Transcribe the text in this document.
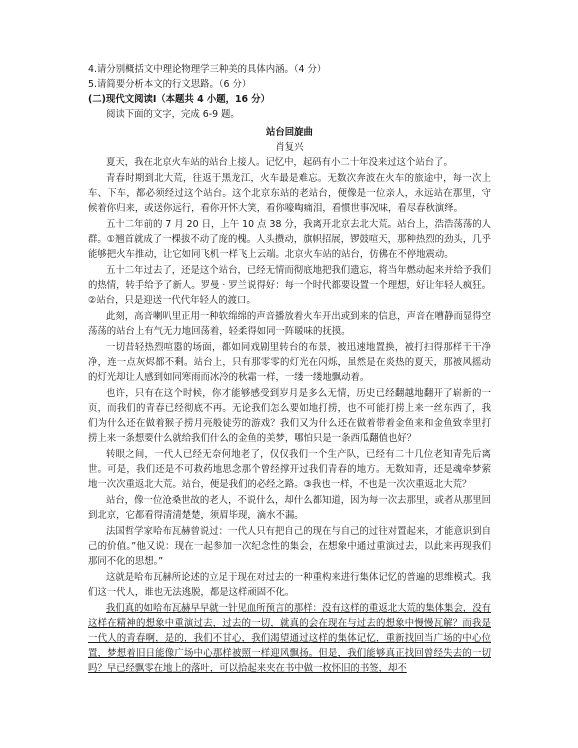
4.请分别概括文中理论物理学三种美的具体内涵。（4 分）

5.请简要分析本文的行文思路。（6 分）

(二)现代文阅读Ⅰ（本题共 4 小题，16 分）

阅读下面的文字，完成 6-9 题。

站台回旋曲

肖复兴

夏天，我在北京火车站的站台上接人。记忆中，起码有小二十年没来过这个站台了。

青春时期到北大荒，往返于黑龙江，火车最是难忘。无数次奔波在火车的旅途中，每一次上车、下车，都必须经过这个站台。这个北京东站的老站台，便像是一位亲人，永远站在那里，守候着你归来，或送你远行，看你开怀大笑，看你嚎啕痛泪，看惯世事况味，看尽春秋演绎。

五十二年前的 7 月 20 日，上午 10 点 38 分，我离开北京去北大荒。站台上，浩浩荡荡的人群。①翘首就成了一棵拔不动了庞的槐。人头攒动，旗帜招展，锣鼓喧天，那种热烈的劲头，几乎能够把火车推动，让它如同飞机一样飞上云端。北京火车站的站台，仿佛在不停地震动。

五十二年过去了，还是这个站台，已经无情而彻底地把我们遗忘，将当年燃动起来并给予我们的热情，转手给予了新人。罗曼 · 罗兰说得好：每一个时代都要设置一个理想，好让年轻人疯狂。②站台，只是迎送一代代年轻人的渡口。

此刻，高音喇叭里正用一种软绵绵的声音播放着火车开出或到来的信息，声音在嘈静而显得空荡荡的站台上有气无力地回荡着，轻柔得如同一阵暖味的抚摸。

一切昔轻热烈喧嚣的场面，都如同戏剧里转台的布景，被迅速地置换，被打扫得那样干干净净，连一点灰烬都不剩。站台上，只有那零零的灯光在闪烁，虽然是在炎热的夏天，那被风摇动的灯光却让人感到如同寒雨而冰冷的秋霜一样，一缕一缕地飘动着。

也许，只有在这个时候，你才能够感受到岁月是多么无情，历史已经翻越地翻开了崭新的一页，而我们的青春已经彻底不再。无论我们怎么要如地打捞，也不可能打捞上来一丝东西了，我们为什么还在做着猴子捞月亮般徒劳的游戏？我们又为什么还在做着带着金鱼来和金鱼致幸里打捞上来一条想要什么就给我们什么的金鱼的美梦，哪怕只是一条西瓜翻值也好？

转眼之间，一代人已经无奈何地老了，仅仅我们一个生产队，已经有二十几位老知青先后离世。可是，我们还是不可救药地思念那个曾经撑开过我们青春的地方。无数知青，还是魂牵梦萦地一次次重返北大荒。站台，便是我们的必经之路。③我也一样，不也是一次次重返北大荒？

站台，像一位沧桑世故的老人，不说什么，却什么都知道，因为每一次去那里，或者从那里回到北京，它都看得清清楚楚，须眉毕现，滴水不漏。

法国哲学家哈布瓦赫曾说过：一代人只有把自己的现在与自己的过往对置起来，才能意识到自己的价值。”他又说：现在一起参加一次纪念性的集会，在想象中通过重演过去，以此来再现我们那同不化的思想。”

这就是哈布瓦赫所论述的立足于现在对过去的一种重构来进行集体记忆的普遍的思维模式。我们这一代人，谁也无法逃脱，都是这样顽固不化。

我们真的如哈布瓦赫早早就一针见血所预言的那样：没有这样的重返北大荒的集体集会，没有这样在精神的想象中重演过去，过去的一切，就真的会在现在与过去的想象中慢慢瓦解？而我是一代人的青春啊，是的，我们不甘心，我们渴望通过这样的集体记忆，重新找回当广场的中心位置，梦想着旧日能像广场中心那样被照一样迎风飘扬。但是，我们能够真正找回曾经失去的一切吗？早已经飘零在地上的落叶，可以拾起来夹在书中做一枚怀旧的书签，却不
